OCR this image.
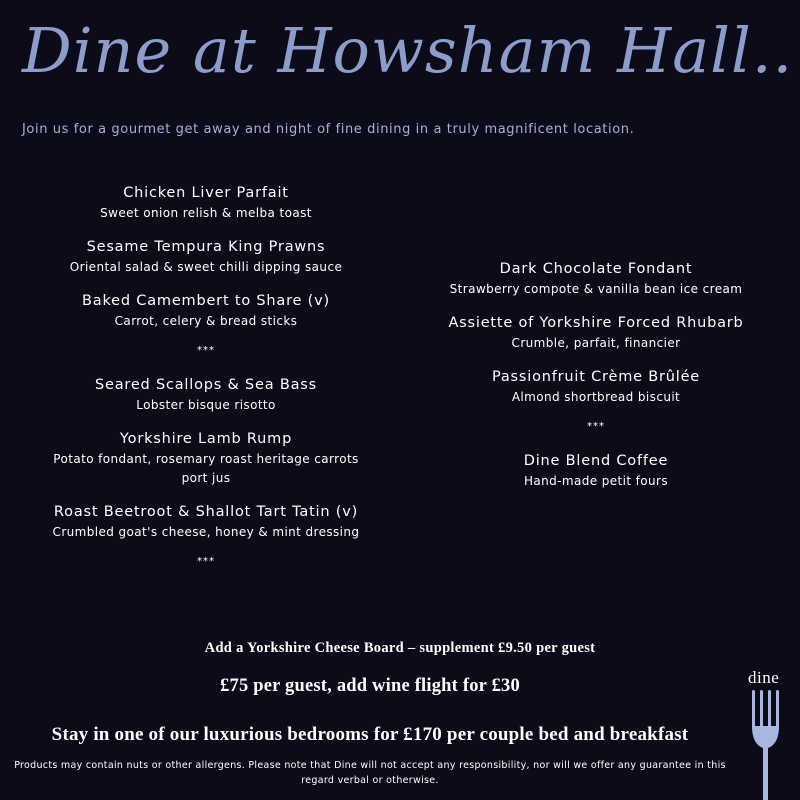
Dine at Howsham Hall..
Join us for a gourmet get away and night of fine dining in a truly magnificent location.
Chicken Liver Parfait
Sweet onion relish & melba toast
Sesame Tempura King Prawns
Oriental salad & sweet chilli dipping sauce
Baked Camembert to Share (v)
Carrot, celery & bread sticks
***
Seared Scallops & Sea Bass
Lobster bisque risotto
Yorkshire Lamb Rump
Potato fondant, rosemary roast heritage carrots
port jus
Roast Beetroot & Shallot Tart Tatin (v)
Crumbled goat's cheese, honey & mint dressing
***
Dark Chocolate Fondant
Strawberry compote & vanilla bean ice cream
Assiette of Yorkshire Forced Rhubarb
Crumble, parfait, financier
Passionfruit Crème Brûlée
Almond shortbread biscuit
***
Dine Blend Coffee
Hand-made petit fours
Add a Yorkshire Cheese Board – supplement £9.50 per guest
£75 per guest, add wine flight for £30
Stay in one of our luxurious bedrooms for £170 per couple bed and breakfast
Products may contain nuts or other allergens. Please note that Dine will not accept any responsibility, nor will we offer any guarantee in this regard verbal or otherwise.
dine
